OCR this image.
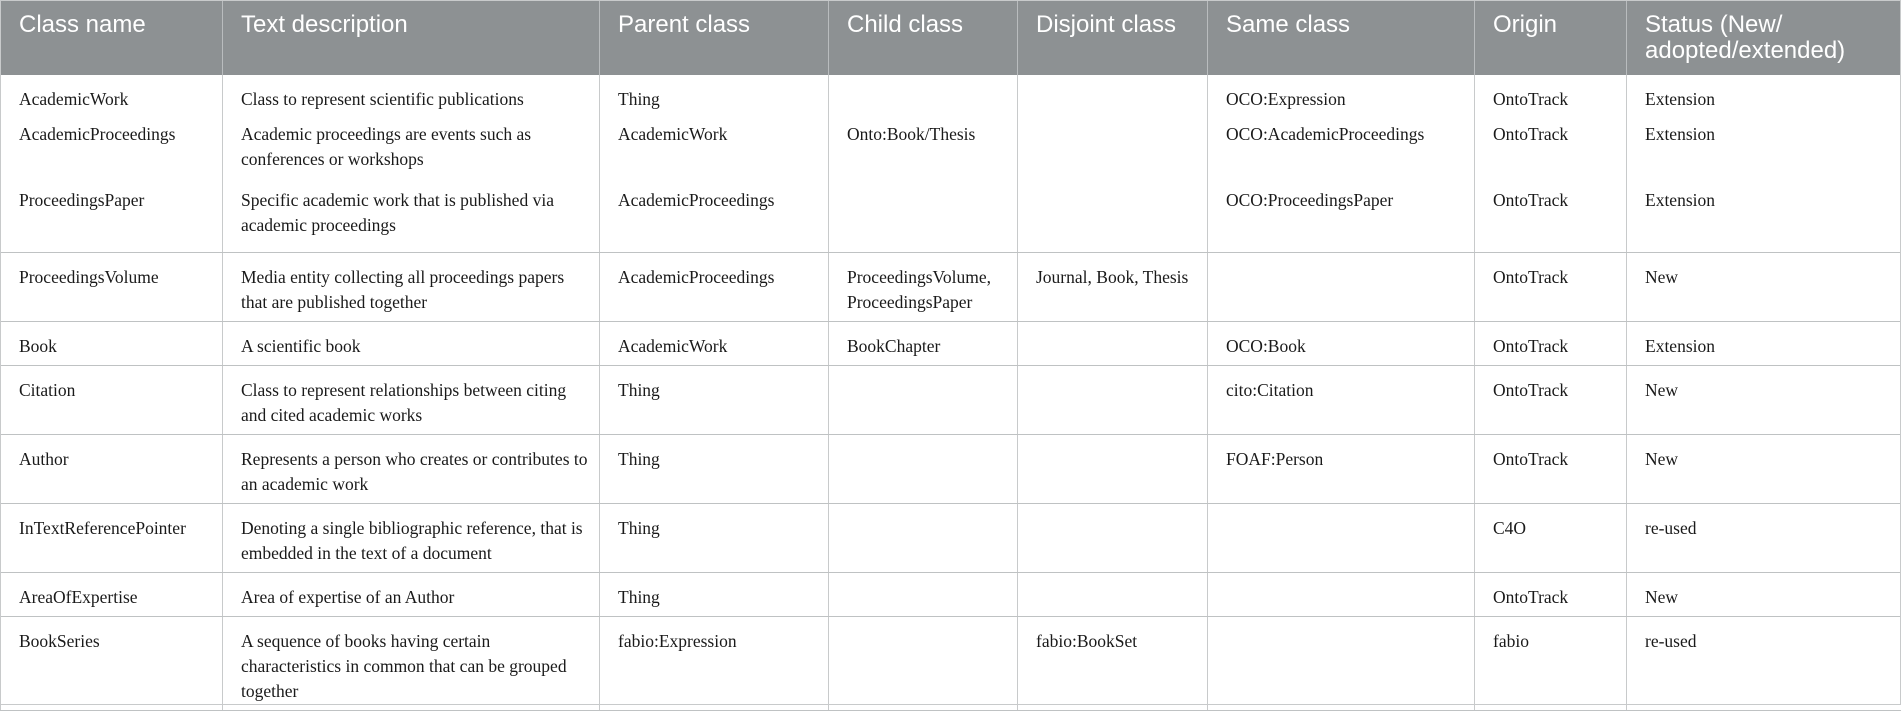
Class name	Text description	Parent class	Child class	Disjoint class	Same class	Origin	Status (New/ adopted/extended)
AcademicWork	Class to represent scientific publications	Thing			OCO:Expression	OntoTrack	Extension
AcademicProceedings	Academic proceedings are events such as conferences or workshops	AcademicWork	Onto:Book/Thesis		OCO:AcademicProceedings	OntoTrack	Extension
ProceedingsPaper	Specific academic work that is published via academic proceedings	AcademicProceedings			OCO:ProceedingsPaper	OntoTrack	Extension
ProceedingsVolume	Media entity collecting all proceedings papers that are published together	AcademicProceedings	ProceedingsVolume, ProceedingsPaper	Journal, Book, Thesis		OntoTrack	New
Book	A scientific book	AcademicWork	BookChapter		OCO:Book	OntoTrack	Extension
Citation	Class to represent relationships between citing and cited academic works	Thing			cito:Citation	OntoTrack	New
Author	Represents a person who creates or contributes to an academic work	Thing			FOAF:Person	OntoTrack	New
InTextReferencePointer	Denoting a single bibliographic reference, that is embedded in the text of a document	Thing				C4O	re-used
AreaOfExpertise	Area of expertise of an Author	Thing				OntoTrack	New
BookSeries	A sequence of books having certain characteristics in common that can be grouped together	fabio:Expression		fabio:BookSet		fabio	re-used
